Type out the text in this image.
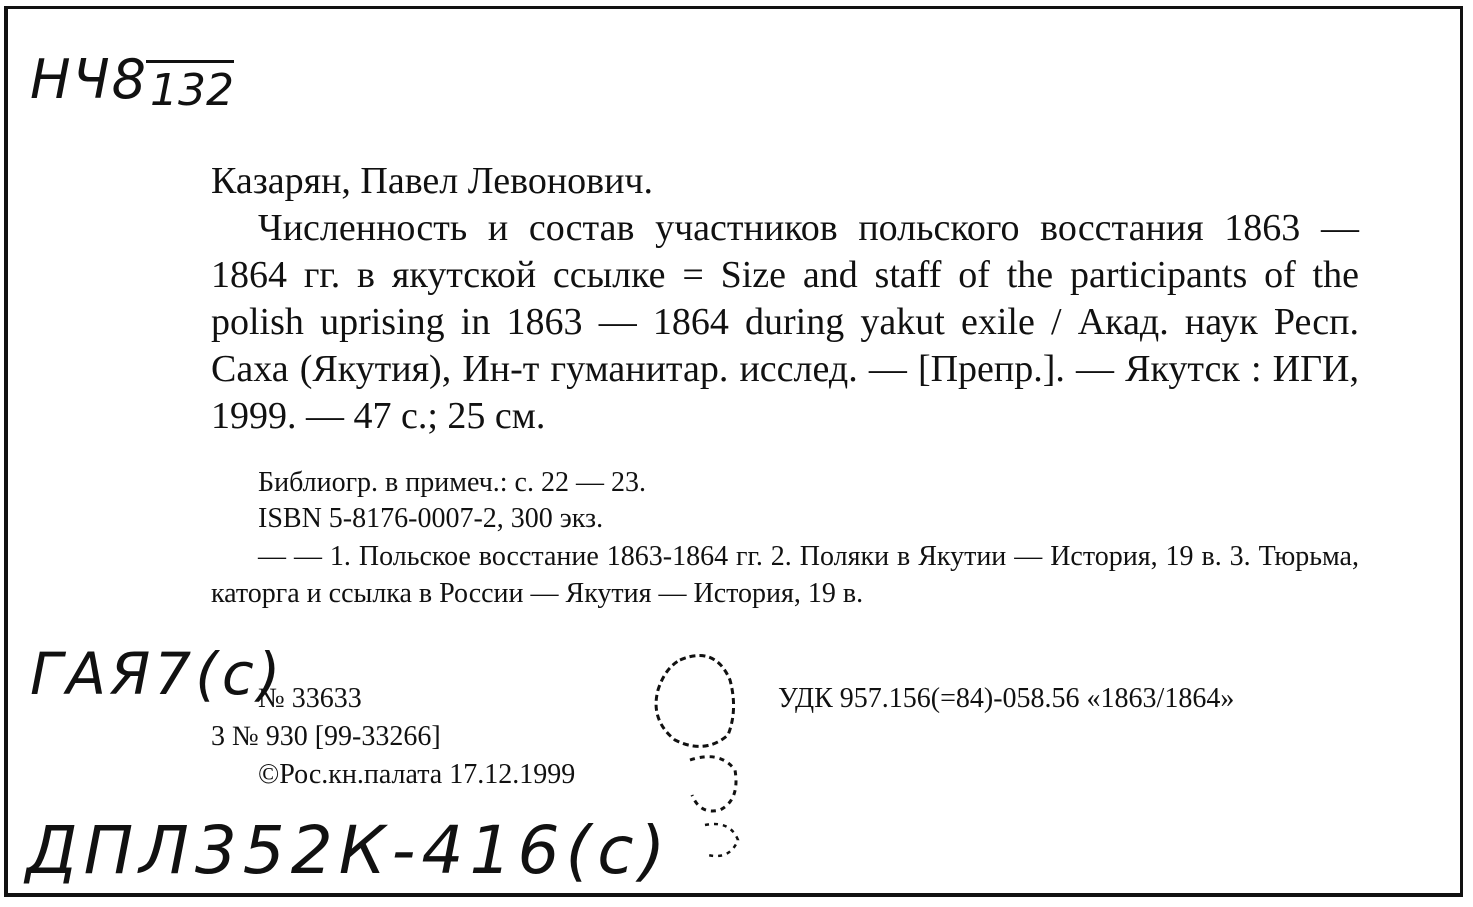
НЧ8 132

Казарян, Павел Левонович.

Численность и состав участников польского восстания 1863 — 1864 гг. в якутской ссылке = Size and staff of the participants of the polish uprising in 1863 — 1864 during yakut exile / Акад. наук Респ. Саха (Якутия), Ин-т гуманитар. исслед. — [Препр.]. — Якутск : ИГИ, 1999. — 47 с.; 25 см.

Библиогр. в примеч.: с. 22 — 23.
ISBN 5-8176-0007-2, 300 экз.
— — 1. Польское восстание 1863-1864 гг. 2. Поляки в Якутии — История, 19 в. 3. Тюрьма, каторга и ссылка в России — Якутия — История, 19 в.
ГАЯ7(с)
№ 33633
3 № 930 [99-33266]
©Рос.кн.палата 17.12.1999
УДК 957.156(=84)-058.56 «1863/1864»
ДПЛ352К-416(с)
